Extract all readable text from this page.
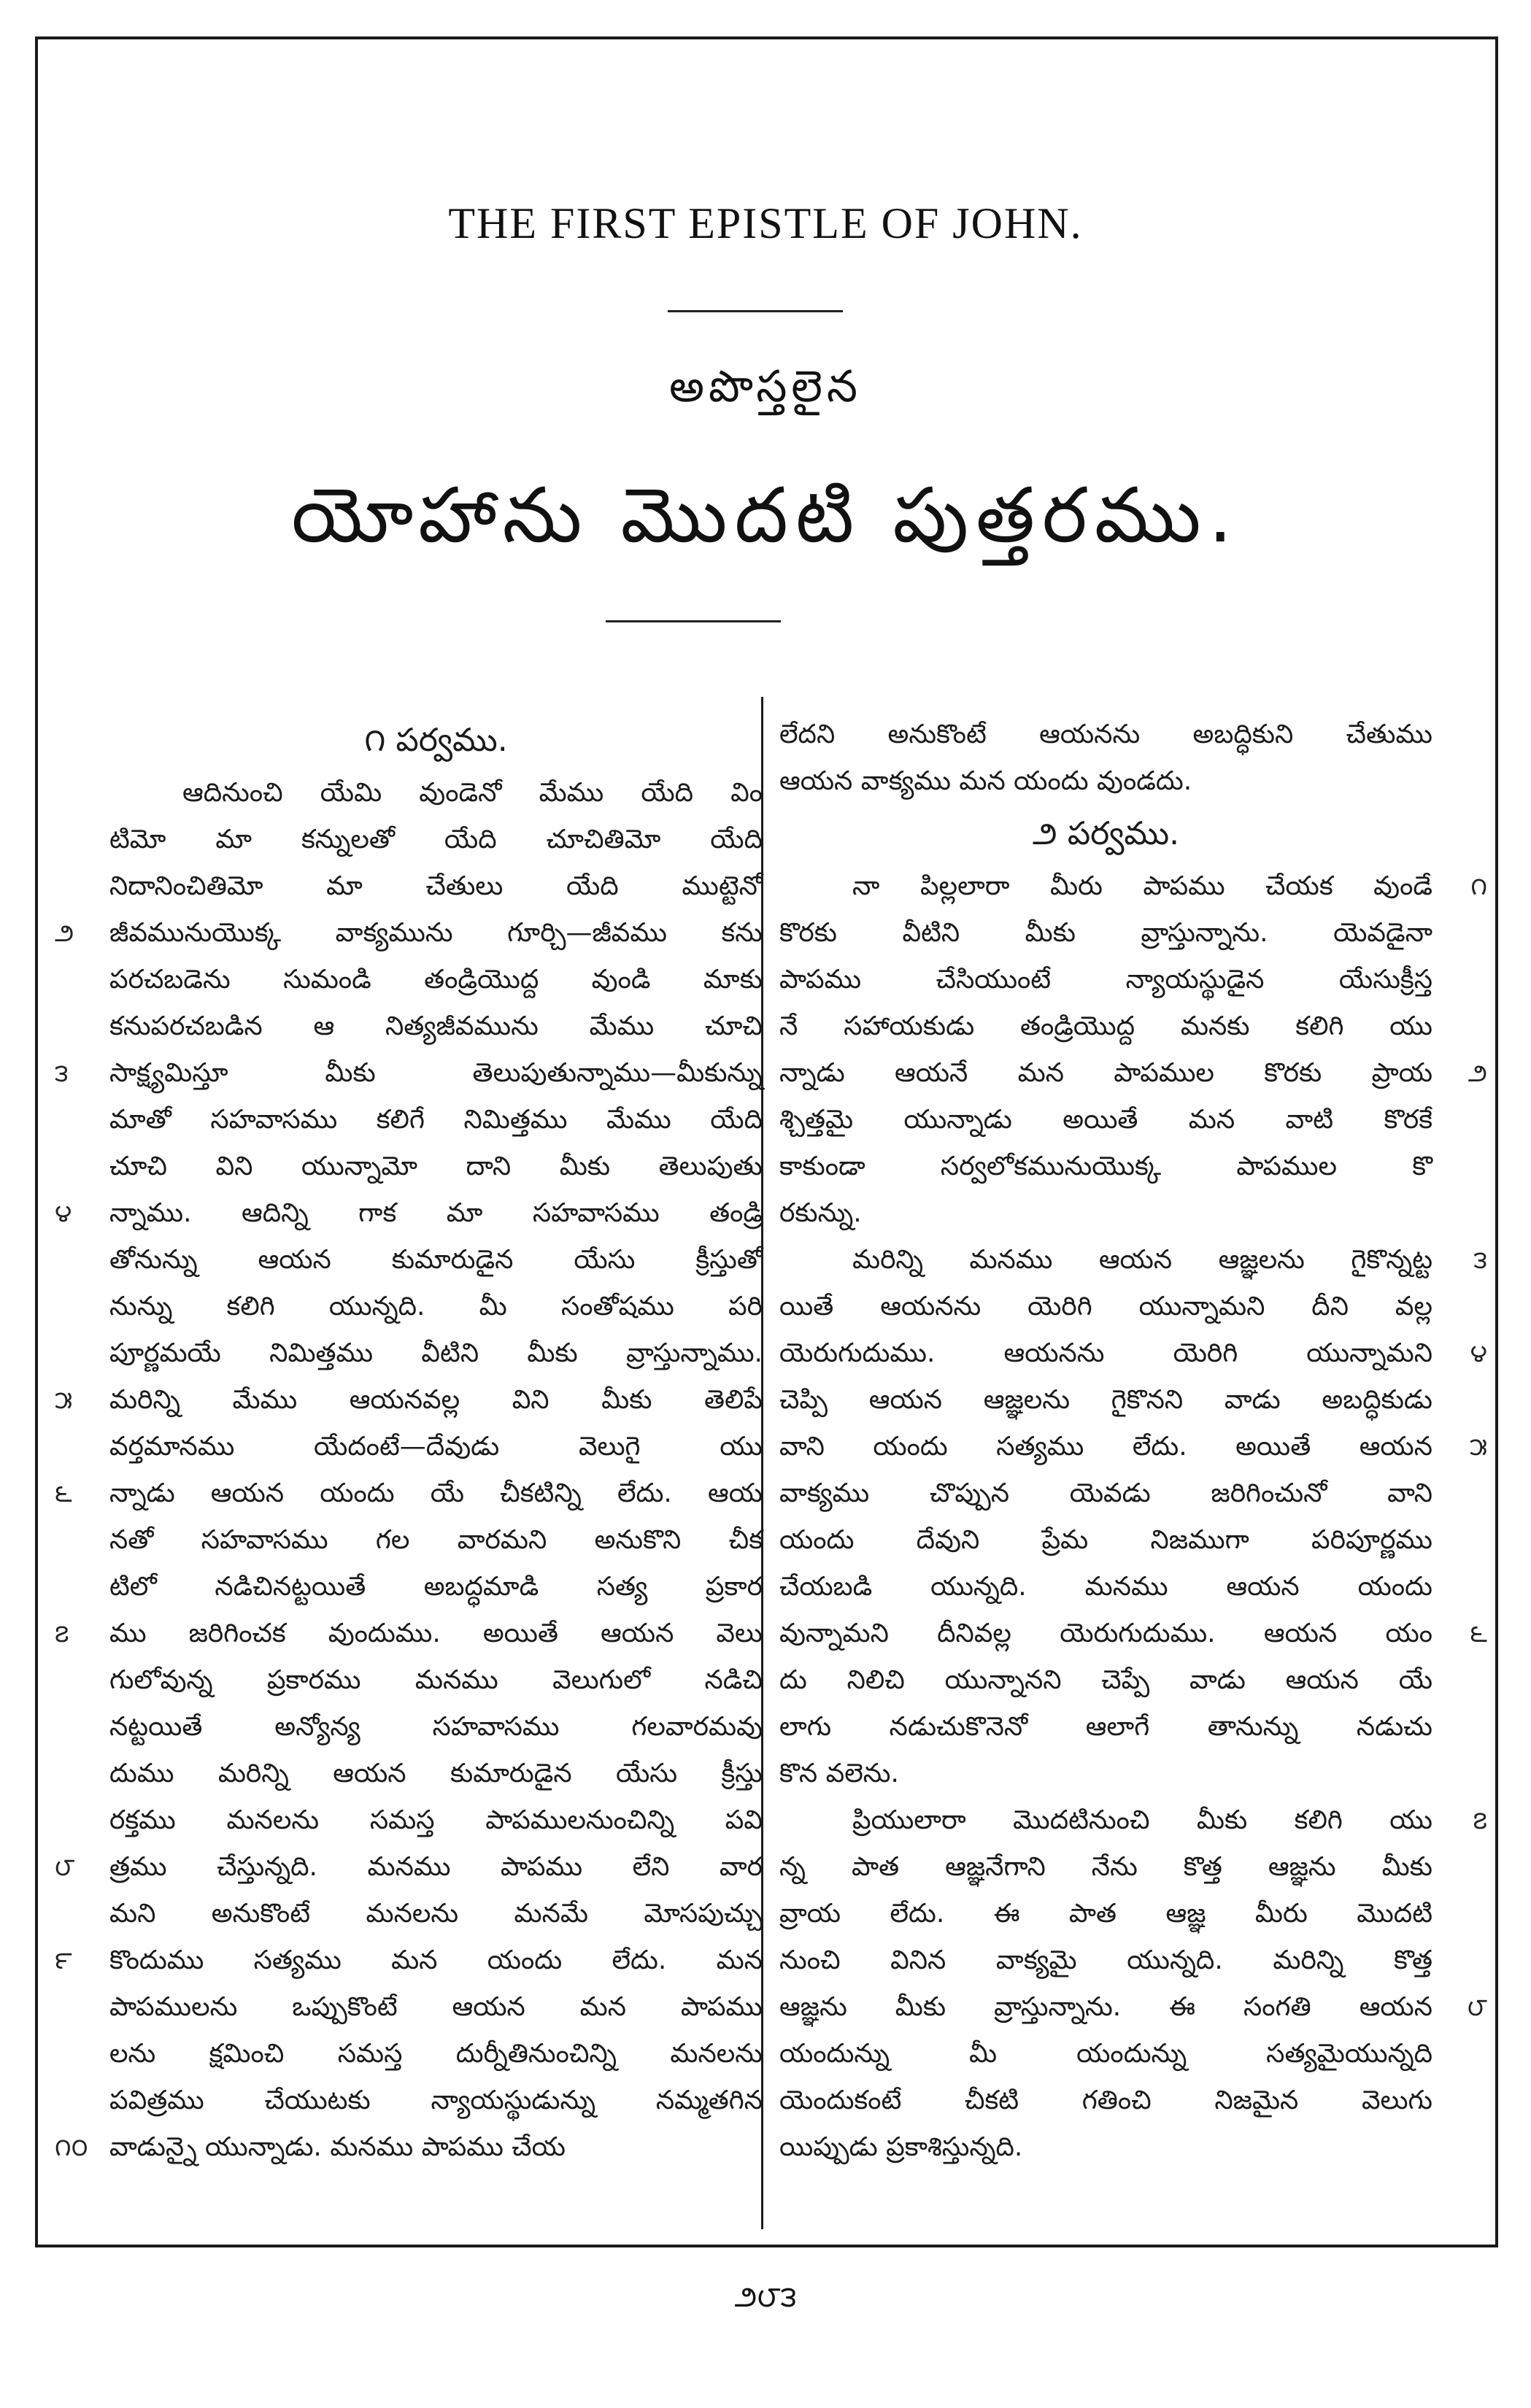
THE FIRST EPISTLE OF JOHN.
అపొస్తలైన
యోహాను మొదటి పుత్తరము.
౧ పర్వము.
ఆదినుంచి యేమి వుండెనో మేము యేది విం
టిమో మా కన్నులతో యేది చూచితిమో యేది
నిదానించితిమో మా చేతులు యేది ముట్టెనో
జీవమునుయొక్క వాక్యమును గూర్చి—జీవము కను
౨
పరచబడెను సుమండి తండ్రియొద్ద వుండి మాకు
కనుపరచబడిన ఆ నిత్యజీవమును మేము చూచి
సాక్ష్యమిస్తూ మీకు తెలుపుతున్నాము—మీకున్ను
౩
మాతో సహవాసము కలిగే నిమిత్తము మేము యేది
చూచి విని యున్నామో దాని మీకు తెలుపుతు
న్నాము. ఆదిన్ని గాక మా సహవాసము తండ్రి
౪
తోనున్ను ఆయన కుమారుడైన యేసు క్రీస్తుతో
నున్ను కలిగి యున్నది. మీ సంతోషము పరి
పూర్ణమయే నిమిత్తము వీటిని మీకు వ్రాస్తున్నాము.
మరిన్ని మేము ఆయనవల్ల విని మీకు తెలిపే
౫
వర్తమానము యేదంటే—దేవుడు వెలుగై యు
న్నాడు ఆయన యందు యే చీకటిన్ని లేదు. ఆయ
౬
నతో సహవాసము గల వారమని అనుకొని చీక
టిలో నడిచినట్టయితే అబద్ధమాడి సత్య ప్రకార
ము జరిగించక వుందుము. అయితే ఆయన వెలు
౭
గులోవున్న ప్రకారము మనము వెలుగులో నడిచి
నట్టయితే అన్యోన్య సహవాసము గలవారమవు
దుము మరిన్ని ఆయన కుమారుడైన యేసు క్రీస్తు
రక్తము మనలను సమస్త పాపములనుంచిన్ని పవి
త్రము చేస్తున్నది. మనము పాపము లేని వార
౮
మని అనుకొంటే మనలను మనమే మోసపుచ్చు
కొందుము సత్యము మన యందు లేదు. మన
౯
పాపములను ఒప్పుకొంటే ఆయన మన పాపము
లను క్షమించి సమస్త దుర్నీతినుంచిన్ని మనలను
పవిత్రము చేయుటకు న్యాయస్థుడున్ను నమ్మతగిన
వాడున్నై యున్నాడు. మనము పాపము చేయ
౧౦
లేదని అనుకొంటే ఆయనను అబద్ధికుని చేతుము
ఆయన వాక్యము మన యందు వుండదు.
౨ పర్వము.
నా పిల్లలారా మీరు పాపము చేయక వుండే ౧
కొరకు వీటిని మీకు వ్రాస్తున్నాను. యెవడైనా
పాపము చేసియుంటే న్యాయస్థుడైన యేసుక్రీస్త
నే సహాయకుడు తండ్రియొద్ద మనకు కలిగి యు
న్నాడు ఆయనే మన పాపముల కొరకు ప్రాయ ౨
శ్చిత్తమై యున్నాడు అయితే మన వాటి కొరకే
కాకుండా సర్వలోకమునుయొక్క పాపముల కొ
రకున్ను.
మరిన్ని మనము ఆయన ఆజ్ఞలను గైకొన్నట్ట ౩
యితే ఆయనను యెరిగి యున్నామని దీని వల్ల
యెరుగుదుము. ఆయనను యెరిగి యున్నామని ౪
చెప్పి ఆయన ఆజ్ఞలను గైకొనని వాడు అబద్ధికుడు
వాని యందు సత్యము లేదు. అయితే ఆయన ౫
వాక్యము చొప్పున యెవడు జరిగించునో వాని
యందు దేవుని ప్రేమ నిజముగా పరిపూర్ణము
చేయబడి యున్నది. మనము ఆయన యందు
వున్నామని దీనివల్ల యెరుగుదుము. ఆయన యం ౬
దు నిలిచి యున్నానని చెప్పే వాడు ఆయన యే
లాగు నడుచుకొనెనో ఆలాగే తానున్ను నడుచు
కొన వలెను.
ప్రియులారా మొదటినుంచి మీకు కలిగి యు ౭
న్న పాత ఆజ్ఞనేగాని నేను కొత్త ఆజ్ఞను మీకు
వ్రాయ లేదు. ఈ పాత ఆజ్ఞ మీరు మొదటి
నుంచి వినిన వాక్యమై యున్నది. మరిన్ని కొత్త
ఆజ్ఞను మీకు వ్రాస్తున్నాను. ఈ సంగతి ఆయన ౮
యందున్ను మీ యందున్ను సత్యమైయున్నది
యెందుకంటే చీకటి గతించి నిజమైన వెలుగు
యిప్పుడు ప్రకాశిస్తున్నది.
౨౮౩
